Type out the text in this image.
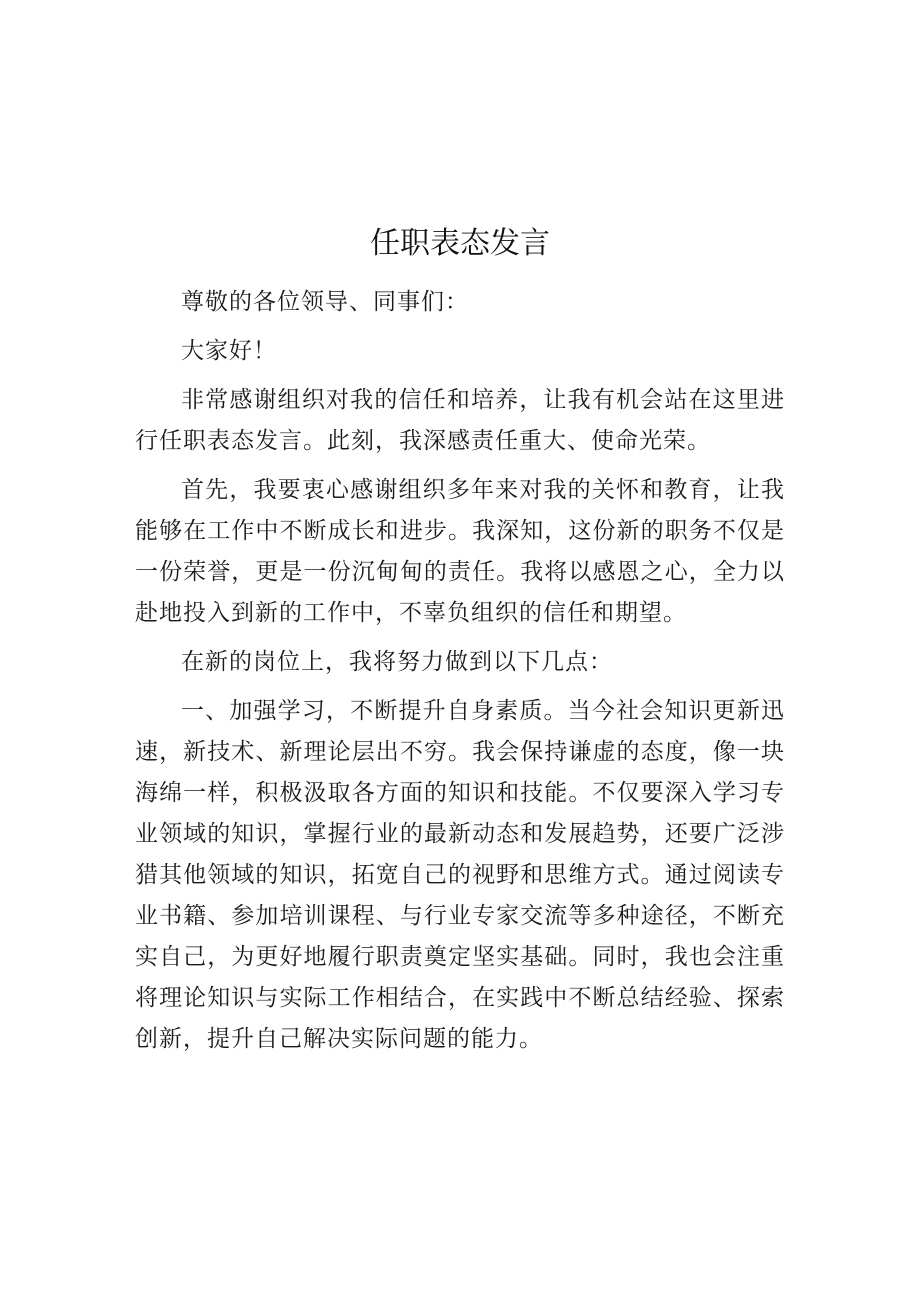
任职表态发言

尊敬的各位领导、同事们：

大家好！

非常感谢组织对我的信任和培养，让我有机会站在这里进行任职表态发言。此刻，我深感责任重大、使命光荣。

首先，我要衷心感谢组织多年来对我的关怀和教育，让我能够在工作中不断成长和进步。我深知，这份新的职务不仅是一份荣誉，更是一份沉甸甸的责任。我将以感恩之心，全力以赴地投入到新的工作中，不辜负组织的信任和期望。

在新的岗位上，我将努力做到以下几点：

一、加强学习，不断提升自身素质。当今社会知识更新迅速，新技术、新理论层出不穷。我会保持谦虚的态度，像一块海绵一样，积极汲取各方面的知识和技能。不仅要深入学习专业领域的知识，掌握行业的最新动态和发展趋势，还要广泛涉猎其他领域的知识，拓宽自己的视野和思维方式。通过阅读专业书籍、参加培训课程、与行业专家交流等多种途径，不断充实自己，为更好地履行职责奠定坚实基础。同时，我也会注重将理论知识与实际工作相结合，在实践中不断总结经验、探索创新，提升自己解决实际问题的能力。
